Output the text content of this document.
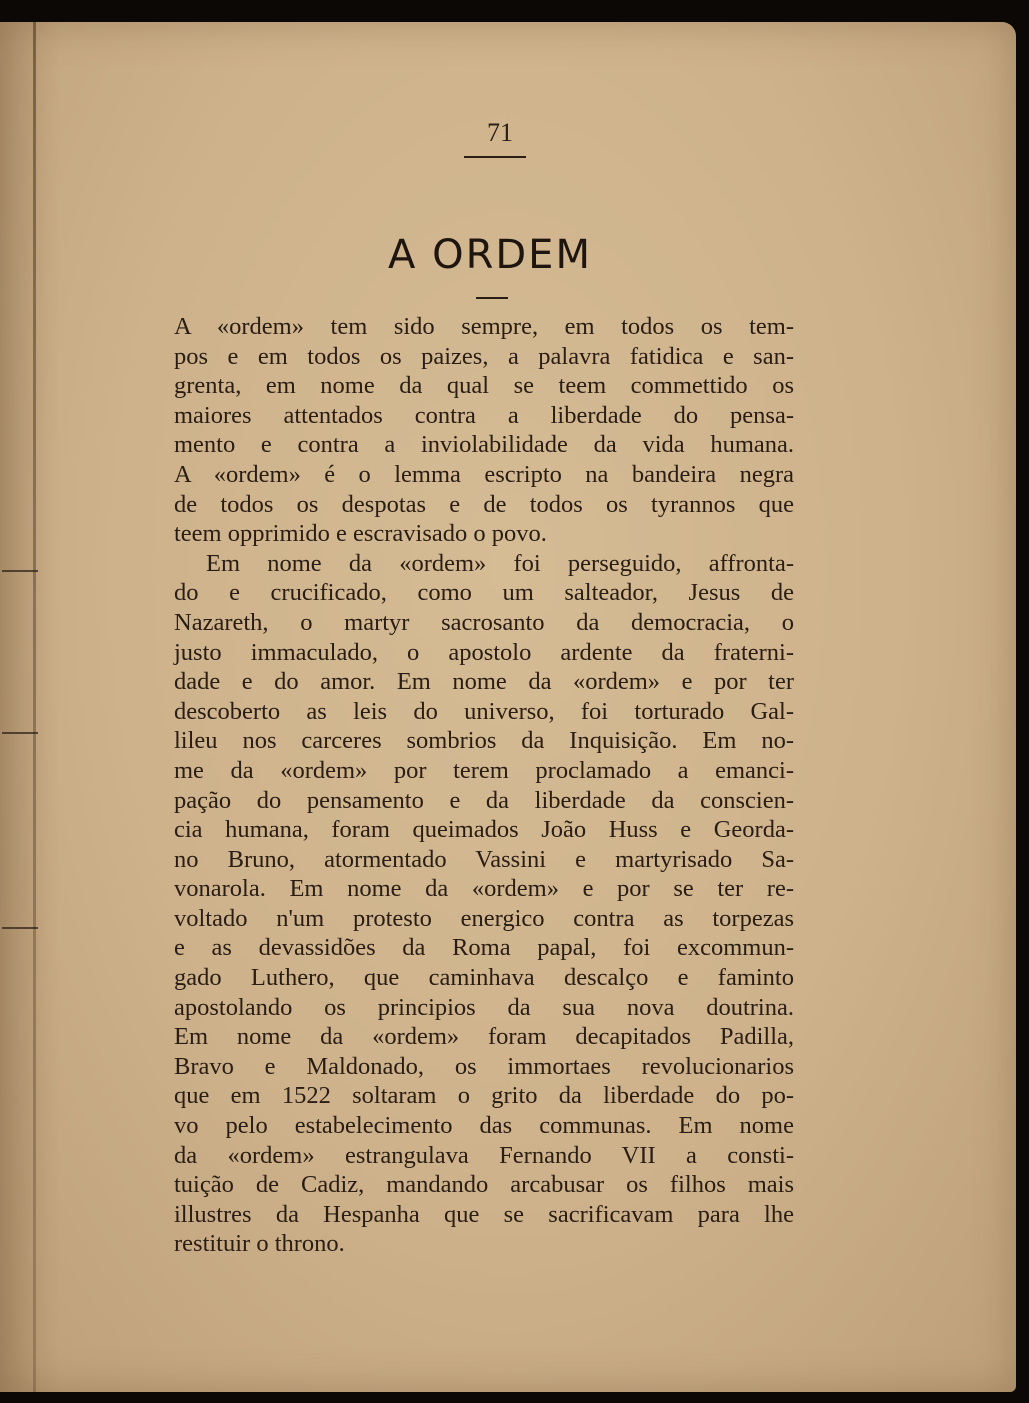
71
A ORDEM
A «ordem» tem sido sempre, em todos os tem-
pos e em todos os paizes, a palavra fatidica e san-
grenta, em nome da qual se teem commettido os
maiores attentados contra a liberdade do pensa-
mento e contra a inviolabilidade da vida humana.
A «ordem» é o lemma escripto na bandeira negra
de todos os despotas e de todos os tyrannos que
teem opprimido e escravisado o povo.
Em nome da «ordem» foi perseguido, affronta-
do e crucificado, como um salteador, Jesus de
Nazareth, o martyr sacrosanto da democracia, o
justo immaculado, o apostolo ardente da fraterni-
dade e do amor. Em nome da «ordem» e por ter
descoberto as leis do universo, foi torturado Gal-
lileu nos carceres sombrios da Inquisição. Em no-
me da «ordem» por terem proclamado a emanci-
pação do pensamento e da liberdade da conscien-
cia humana, foram queimados João Huss e Georda-
no Bruno, atormentado Vassini e martyrisado Sa-
vonarola. Em nome da «ordem» e por se ter re-
voltado n'um protesto energico contra as torpezas
e as devassidões da Roma papal, foi excommun-
gado Luthero, que caminhava descalço e faminto
apostolando os principios da sua nova doutrina.
Em nome da «ordem» foram decapitados Padilla,
Bravo e Maldonado, os immortaes revolucionarios
que em 1522 soltaram o grito da liberdade do po-
vo pelo estabelecimento das communas. Em nome
da «ordem» estrangulava Fernando VII a consti-
tuição de Cadiz, mandando arcabusar os filhos mais
illustres da Hespanha que se sacrificavam para lhe
restituir o throno.
